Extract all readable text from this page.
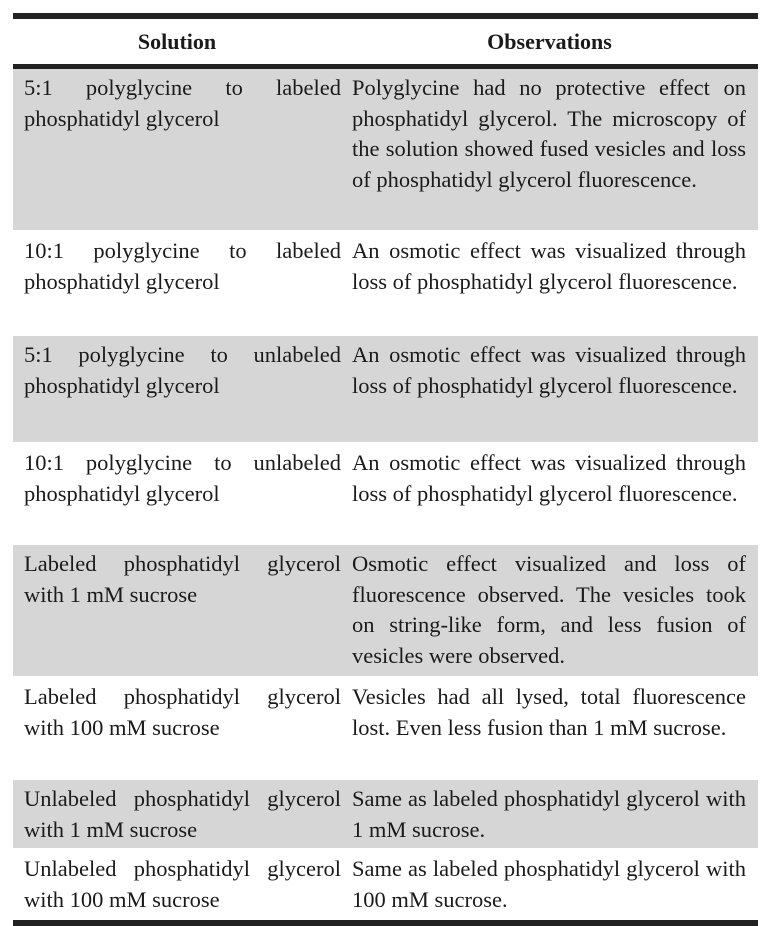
Solution	Observations
5:1 polyglycine to labeled phosphatidyl glycerol
Polyglycine had no protective effect on phosphatidyl glycerol. The microscopy of the solution showed fused vesicles and loss of phosphatidyl glycerol fluorescence.
10:1 polyglycine to labeled phosphatidyl glycerol
An osmotic effect was visualized through loss of phosphatidyl glycerol fluorescence.
5:1 polyglycine to unlabeled phosphatidyl glycerol
An osmotic effect was visualized through loss of phosphatidyl glycerol fluorescence.
10:1 polyglycine to unlabeled phosphatidyl glycerol
An osmotic effect was visualized through loss of phosphatidyl glycerol fluorescence.
Labeled phosphatidyl glycerol with 1 mM sucrose
Osmotic effect visualized and loss of fluorescence observed. The vesicles took on string-like form, and less fusion of vesicles were observed.
Labeled phosphatidyl glycerol with 100 mM sucrose
Vesicles had all lysed, total fluorescence lost. Even less fusion than 1 mM sucrose.
Unlabeled phosphatidyl glycerol with 1 mM sucrose
Same as labeled phosphatidyl glycerol with 1 mM sucrose.
Unlabeled phosphatidyl glycerol with 100 mM sucrose
Same as labeled phosphatidyl glycerol with 100 mM sucrose.
